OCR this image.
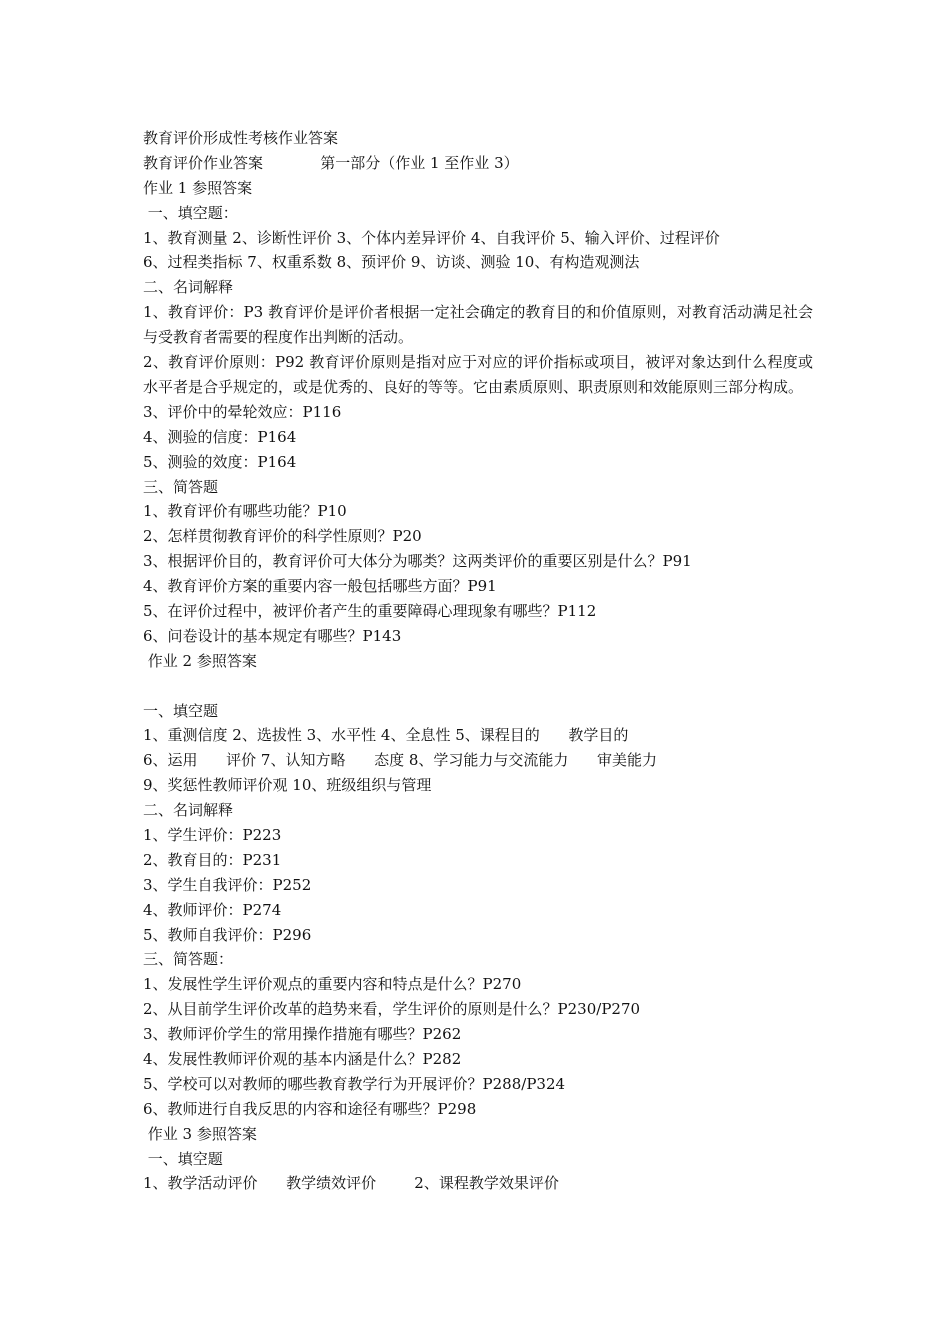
教育评价形成性考核作业答案
教育评价作业答案            第一部分（作业 1 至作业 3）
作业 1 参照答案
一、填空题：
1、教育测量 2、诊断性评价 3、个体内差异评价 4、自我评价 5、输入评价、过程评价
6、过程类指标 7、权重系数 8、预评价 9、访谈、测验 10、有构造观测法
二、名词解释
1、教育评价：P3 教育评价是评价者根据一定社会确定的教育目的和价值原则，对教育活动满足社会与受教育者需要的程度作出判断的活动。
2、教育评价原则：P92 教育评价原则是指对应于对应的评价指标或项目，被评对象达到什么程度或水平者是合乎规定的，或是优秀的、良好的等等。它由素质原则、职责原则和效能原则三部分构成。
3、评价中的晕轮效应：P116
4、测验的信度：P164
5、测验的效度：P164
三、简答题
1、教育评价有哪些功能？P10
2、怎样贯彻教育评价的科学性原则？P20
3、根据评价目的，教育评价可大体分为哪类？这两类评价的重要区别是什么？P91
4、教育评价方案的重要内容一般包括哪些方面？P91
5、在评价过程中，被评价者产生的重要障碍心理现象有哪些？P112
6、问卷设计的基本规定有哪些？P143
作业 2 参照答案
一、填空题
1、重测信度 2、选拔性 3、水平性 4、全息性 5、课程目的      教学目的
6、运用      评价 7、认知方略      态度 8、学习能力与交流能力      审美能力
9、奖惩性教师评价观 10、班级组织与管理
二、名词解释
1、学生评价：P223
2、教育目的：P231
3、学生自我评价：P252
4、教师评价：P274
5、教师自我评价：P296
三、简答题：
1、发展性学生评价观点的重要内容和特点是什么？P270
2、从目前学生评价改革的趋势来看，学生评价的原则是什么？P230/P270
3、教师评价学生的常用操作措施有哪些？P262
4、发展性教师评价观的基本内涵是什么？P282
5、学校可以对教师的哪些教育教学行为开展评价？P288/P324
6、教师进行自我反思的内容和途径有哪些？P298
作业 3 参照答案
一、填空题
1、教学活动评价      教学绩效评价        2、课程教学效果评价
